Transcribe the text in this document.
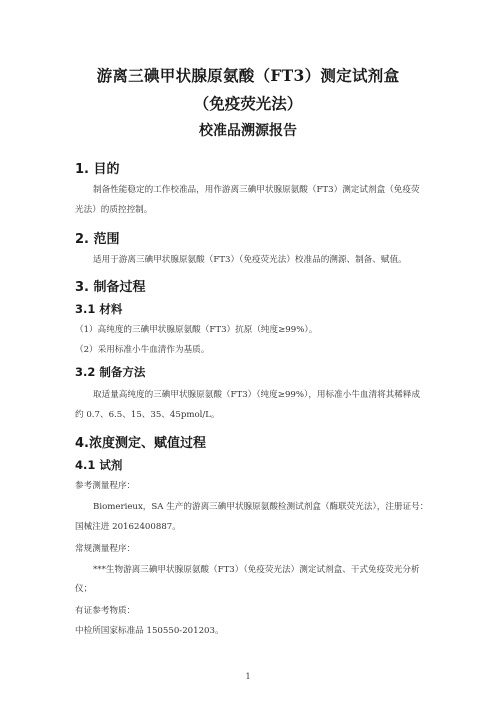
游离三碘甲状腺原氨酸（FT3）测定试剂盒
（免疫荧光法）
校准品溯源报告
1. 目的
制备性能稳定的工作校准品，用作游离三碘甲状腺原氨酸（FT3）测定试剂盒（免疫荧
光法）的质控控制。
2. 范围
适用于游离三碘甲状腺原氨酸（FT3）（免疫荧光法）校准品的溯源、制备、赋值。
3. 制备过程
3.1 材料
（1）高纯度的三碘甲状腺原氨酸（FT3）抗原（纯度≥99%）。
（2）采用标准小牛血清作为基质。
3.2 制备方法
取适量高纯度的三碘甲状腺原氨酸（FT3）（纯度≥99%），用标准小牛血清将其稀释成
约 0.7、6.5、15、35、45pmol/L。
4.浓度测定、赋值过程
4.1 试剂
参考测量程序：
Biomerieux，SA 生产的游离三碘甲状腺原氨酸检测试剂盒（酶联荧光法），注册证号：
国械注进 20162400887。
常规测量程序：
***生物游离三碘甲状腺原氨酸（FT3）（免疫荧光法）测定试剂盒、干式免疫荧光分析
仪；
有证参考物质：
中检所国家标准品 150550-201203。
1
